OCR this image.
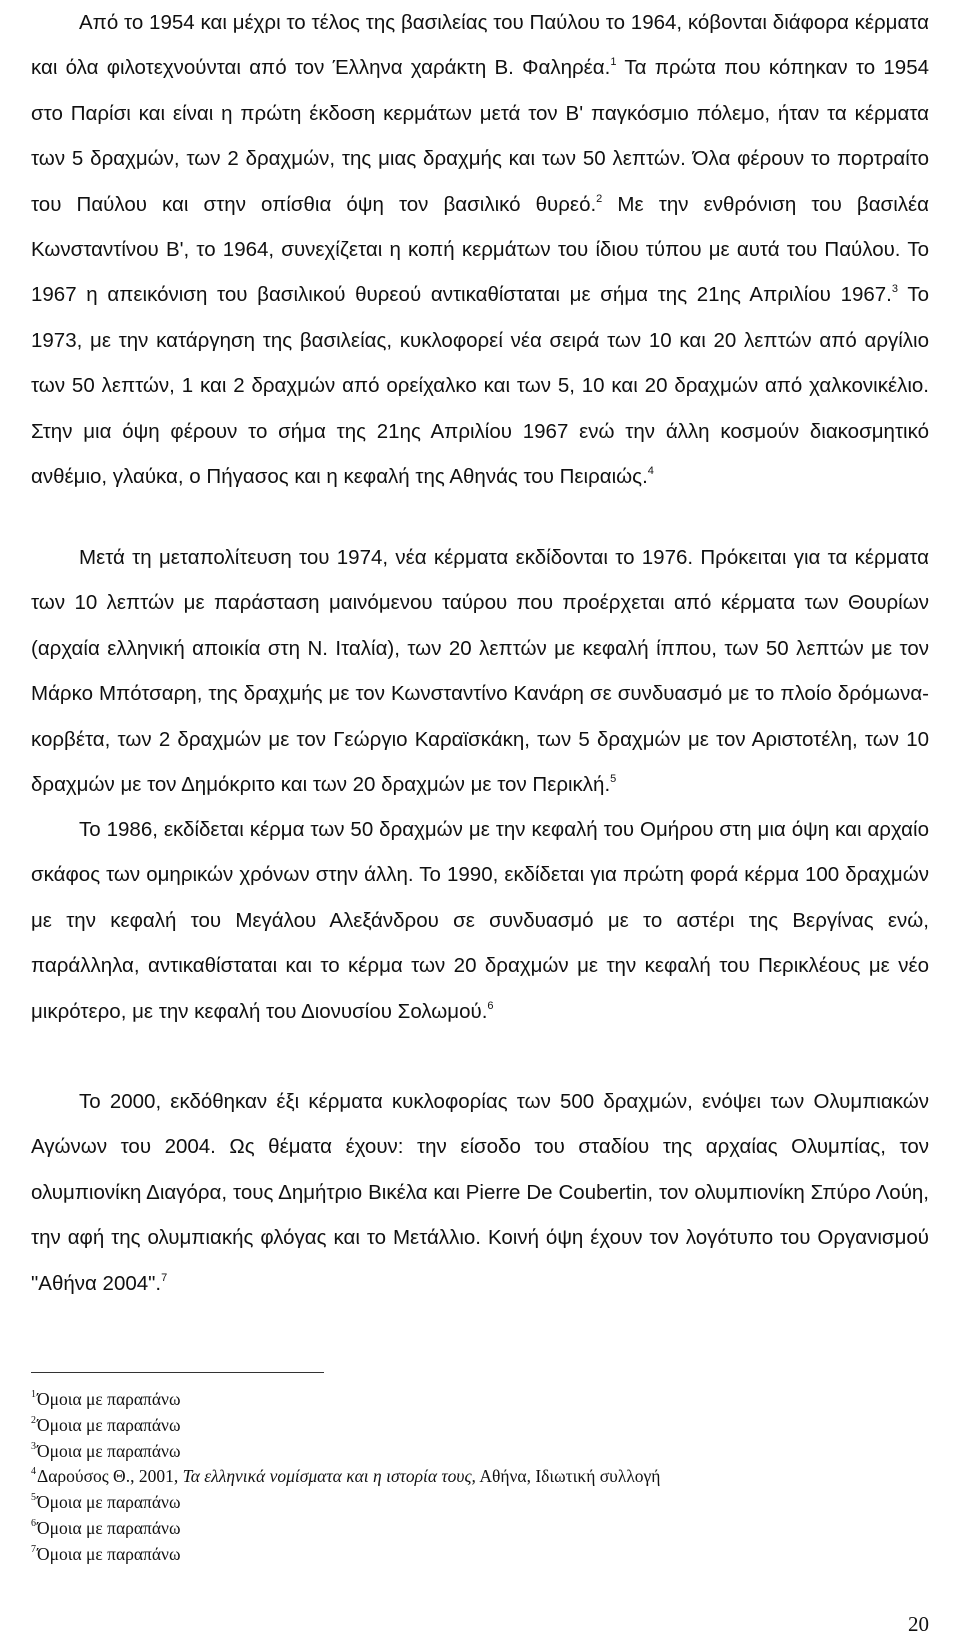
Από το 1954 και μέχρι το τέλος της βασιλείας του Παύλου το 1964, κόβονται διάφορα κέρματα και όλα φιλοτεχνούνται από τον Έλληνα χαράκτη Β. Φαληρέα.$^1$ Τα πρώτα που κόπηκαν το 1954 στο Παρίσι και είναι η πρώτη έκδοση κερμάτων μετά τον Β' παγκόσμιο πόλεμο, ήταν τα κέρματα των 5 δραχμών, των 2 δραχμών, της μιας δραχμής και των 50 λεπτών. Όλα φέρουν το πορτραίτο του Παύλου και στην οπίσθια όψη τον βασιλικό θυρεό.$^2$ Με την ενθρόνιση του βασιλέα Κωνσταντίνου Β', το 1964, συνεχίζεται η κοπή κερμάτων του ίδιου τύπου με αυτά του Παύλου. Το 1967 η απεικόνιση του βασιλικού θυρεού αντικαθίσταται με σήμα της 21ης Απριλίου 1967.$^3$ Το 1973, με την κατάργηση της βασιλείας, κυκλοφορεί νέα σειρά των 10 και 20 λεπτών από αργίλιο των 50 λεπτών, 1 και 2 δραχμών από ορείχαλκο και των 5, 10 και 20 δραχμών από χαλκονικέλιο. Στην μια όψη φέρουν το σήμα της 21ης Απριλίου 1967 ενώ την άλλη κοσμούν διακοσμητικό ανθέμιο, γλαύκα, ο Πήγασος και η κεφαλή της Αθηνάς του Πειραιώς.$^4$

Μετά τη μεταπολίτευση του 1974, νέα κέρματα εκδίδονται το 1976. Πρόκειται για τα κέρματα των 10 λεπτών με παράσταση μαινόμενου ταύρου που προέρχεται από κέρματα των Θουρίων (αρχαία ελληνική αποικία στη Ν. Ιταλία), των 20 λεπτών με κεφαλή ίππου, των 50 λεπτών με τον Μάρκο Μπότσαρη, της δραχμής με τον Κωνσταντίνο Κανάρη σε συνδυασμό με το πλοίο δρόμωνα-κορβέτα, των 2 δραχμών με τον Γεώργιο Καραϊσκάκη, των 5 δραχμών με τον Αριστοτέλη, των 10 δραχμών με τον Δημόκριτο και των 20 δραχμών με τον Περικλή.$^5$

Το 1986, εκδίδεται κέρμα των 50 δραχμών με την κεφαλή του Ομήρου στη μια όψη και αρχαίο σκάφος των ομηρικών χρόνων στην άλλη. Το 1990, εκδίδεται για πρώτη φορά κέρμα 100 δραχμών με την κεφαλή του Μεγάλου Αλεξάνδρου σε συνδυασμό με το αστέρι της Βεργίνας ενώ, παράλληλα, αντικαθίσταται και το κέρμα των 20 δραχμών με την κεφαλή του Περικλέους με νέο μικρότερο, με την κεφαλή του Διονυσίου Σολωμού.$^6$

Το 2000, εκδόθηκαν έξι κέρματα κυκλοφορίας των 500 δραχμών, ενόψει των Ολυμπιακών Αγώνων του 2004. Ως θέματα έχουν: την είσοδο του σταδίου της αρχαίας Ολυμπίας, τον ολυμπιονίκη Διαγόρα, τους Δημήτριο Βικέλα και Pierre De Coubertin, τον ολυμπιονίκη Σπύρο Λούη, την αφή της ολυμπιακής φλόγας και το Μετάλλιο. Κοινή όψη έχουν τον λογότυπο του Οργανισμού "Αθήνα 2004".$^7$

$^1$Όμοια με παραπάνω
$^2$Όμοια με παραπάνω
$^3$Όμοια με παραπάνω
$^4$Δαρούσος Θ., 2001, Τα ελληνικά νομίσματα και η ιστορία τους, Αθήνα, Ιδιωτική συλλογή
$^5$Όμοια με παραπάνω
$^6$Όμοια με παραπάνω
$^7$Όμοια με παραπάνω
20
